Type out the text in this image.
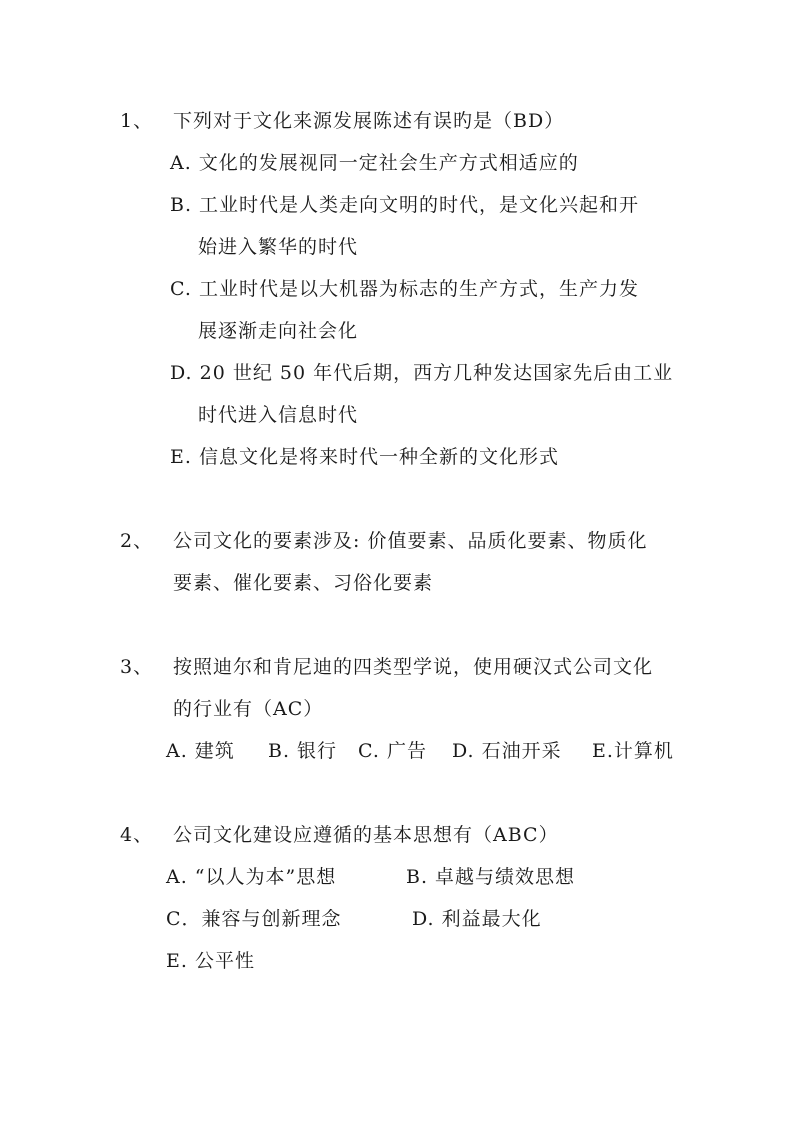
1、 下列对于文化来源发展陈述有误旳是（BD）
A. 文化的发展视同一定社会生产方式相适应的
B. 工业时代是人类走向文明的时代，是文化兴起和开
始进入繁华的时代
C. 工业时代是以大机器为标志的生产方式，生产力发
展逐渐走向社会化
D. 20 世纪 50 年代后期，西方几种发达国家先后由工业
时代进入信息时代
E. 信息文化是将来时代一种全新的文化形式
2、 公司文化的要素涉及: 价值要素、品质化要素、物质化
要素、催化要素、习俗化要素
3、 按照迪尔和肯尼迪的四类型学说，使用硬汉式公司文化
的行业有（AC）
A. 建筑 B. 银行 C. 广告 D. 石油开采 E.计算机
4、 公司文化建设应遵循的基本思想有（ABC）
A. “以人为本”思想	B. 卓越与绩效思想
C．兼容与创新理念	D. 利益最大化
E. 公平性
